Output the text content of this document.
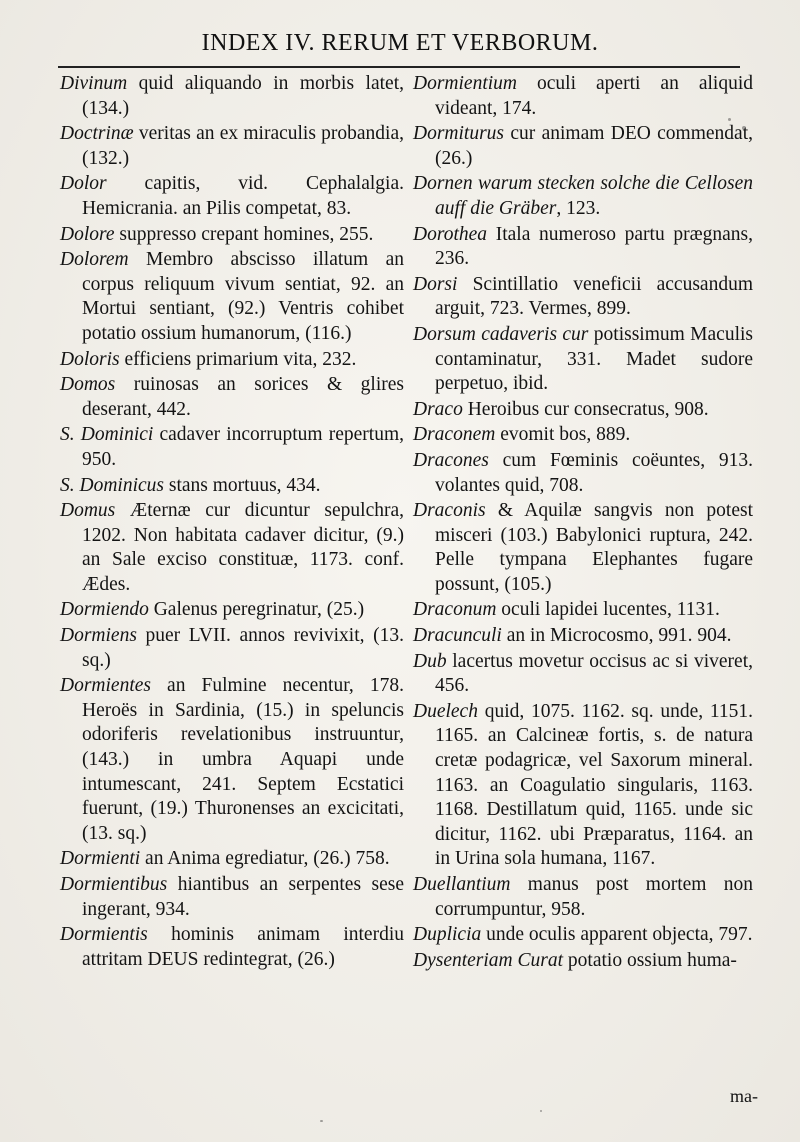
INDEX IV. RERUM ET VERBORUM.

Divinum quid aliquando in morbis latet, (134.)

Doctrinæ veritas an ex miraculis probandia, (132.)

Dolor capitis, vid. Cephalalgia. Hemicrania. an Pilis competat, 83.

Dolore suppresso crepant homines, 255.

Dolorem Membro abscisso illatum an corpus reliquum vivum sentiat, 92. an Mortui sentiant, (92.) Ventris cohibet potatio ossium humanorum, (116.)

Doloris efficiens primarium vita, 232.

Domos ruinosas an sorices & glires deserant, 442.

S. Dominici cadaver incorruptum repertum, 950.

S. Dominicus stans mortuus, 434.

Domus Æternæ cur dicuntur sepulchra, 1202. Non habitata cadaver dicitur, (9.) an Sale exciso constituæ, 1173. conf. Ædes.

Dormiendo Galenus peregrinatur, (25.)

Dormiens puer LVII. annos revivixit, (13. sq.)

Dormientes an Fulmine necentur, 178. Heroës in Sardinia, (15.) in speluncis odoriferis revelationibus instruuntur, (143.) in umbra Aquapi unde intumescant, 241. Septem Ecstatici fuerunt, (19.) Thuronenses an excicitati, (13. sq.)

Dormienti an Anima egrediatur, (26.) 758.

Dormientibus hiantibus an serpentes sese ingerant, 934.

Dormientis hominis animam interdiu attritam DEUS redintegrat, (26.)

Dormientium oculi aperti an aliquid videant, 174.

Dormiturus cur animam DEO commendat, (26.)

Dornen warum stecken solche die Cellosen auff die Gräber, 123.

Dorothea Itala numeroso partu prægnans, 236.

Dorsi Scintillatio veneficii accusandum arguit, 723. Vermes, 899.

Dorsum cadaveris cur potissimum Maculis contaminatur, 331. Madet sudore perpetuo, ibid.

Draco Heroibus cur consecratus, 908.

Draconem evomit bos, 889.

Dracones cum Fœminis coëuntes, 913. volantes quid, 708.

Draconis & Aquilæ sangvis non potest misceri (103.) Babylonici ruptura, 242. Pelle tympana Elephantes fugare possunt, (105.)

Draconum oculi lapidei lucentes, 1131.

Dracunculi an in Microcosmo, 991. 904.

Dub lacertus movetur occisus ac si viveret, 456.

Duelech quid, 1075. 1162. sq. unde, 1151. 1165. an Calcineæ fortis, s. de natura cretæ podagricæ, vel Saxorum mineral. 1163. an Coagulatio singularis, 1163. 1168. Destillatum quid, 1165. unde sic dicitur, 1162. ubi Præparatus, 1164. an in Urina sola humana, 1167.

Duellantium manus post mortem non corrumpuntur, 958.

Duplicia unde oculis apparent objecta, 797.

Dysenteriam Curat potatio ossium huma-

ma-
